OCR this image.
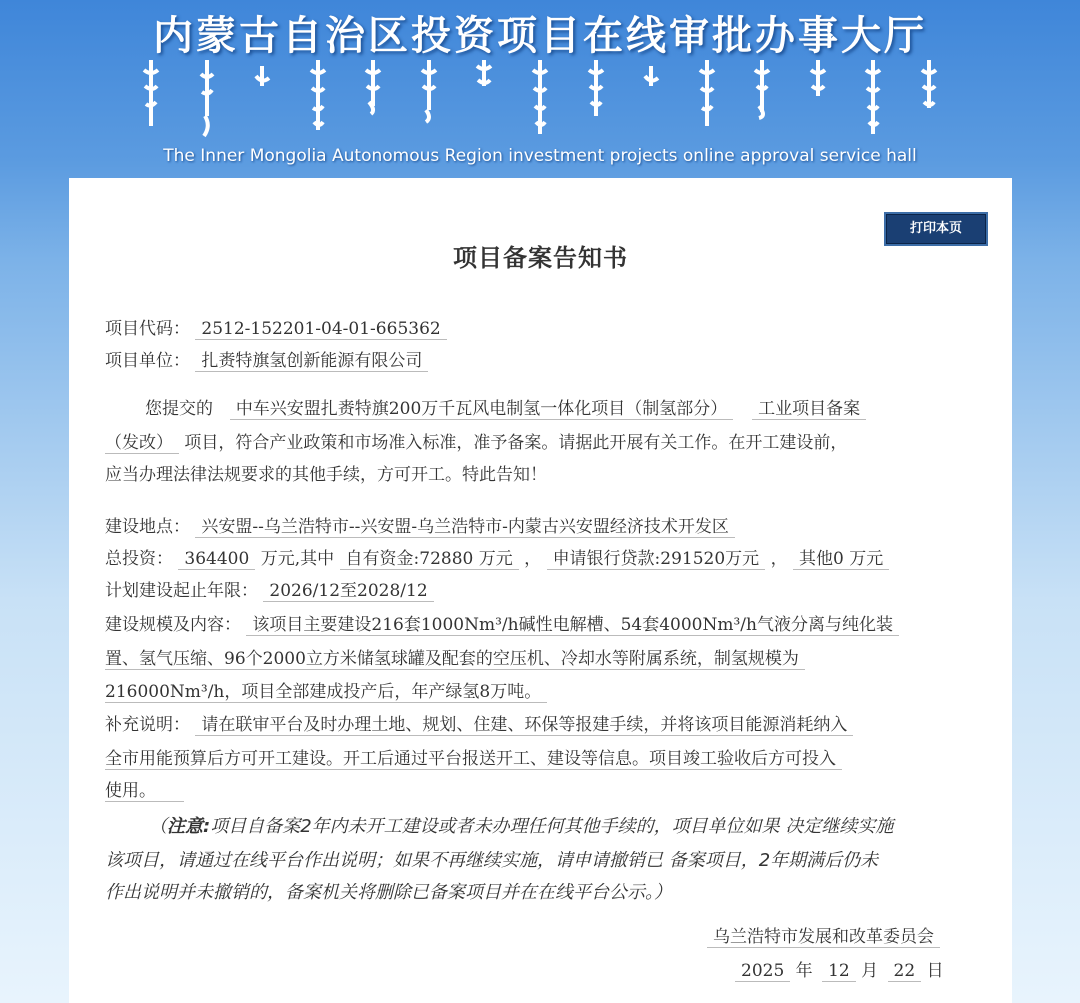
内蒙古自治区投资项目在线审批办事大厅
The Inner Mongolia Autonomous Region investment projects online approval service hall
打印本页
项目备案告知书
项目代码： 2512-152201-04-01-665362
项目单位： 扎赉特旗氢创新能源有限公司
您提交的 中车兴安盟扎赉特旗200万千瓦风电制氢一体化项目（制氢部分） 工业项目备案
（发改） 项目，符合产业政策和市场准入标准，准予备案。请据此开展有关工作。在开工建设前，
应当办理法律法规要求的其他手续，方可开工。特此告知！
建设地点： 兴安盟--乌兰浩特市--兴安盟-乌兰浩特市-内蒙古兴安盟经济技术开发区
总投资： 364400 万元,其中 自有资金:72880 万元 ， 申请银行贷款:291520万元 ， 其他0 万元
计划建设起止年限： 2026/12至2028/12
建设规模及内容： 该项目主要建设216套1000Nm³/h碱性电解槽、54套4000Nm³/h气液分离与纯化装
置、氢气压缩、96个2000立方米储氢球罐及配套的空压机、冷却水等附属系统，制氢规模为
216000Nm³/h，项目全部建成投产后，年产绿氢8万吨。
补充说明： 请在联审平台及时办理土地、规划、住建、环保等报建手续，并将该项目能源消耗纳入
全市用能预算后方可开工建设。开工后通过平台报送开工、建设等信息。项目竣工验收后方可投入
使用。
（注意:项目自备案2年内未开工建设或者未办理任何其他手续的，项目单位如果 决定继续实施
该项目，请通过在线平台作出说明；如果不再继续实施，请申请撤销已 备案项目，2年期满后仍未
作出说明并未撤销的，备案机关将删除已备案项目并在在线平台公示。）
乌兰浩特市发展和改革委员会
2025 年 12 月 22 日
